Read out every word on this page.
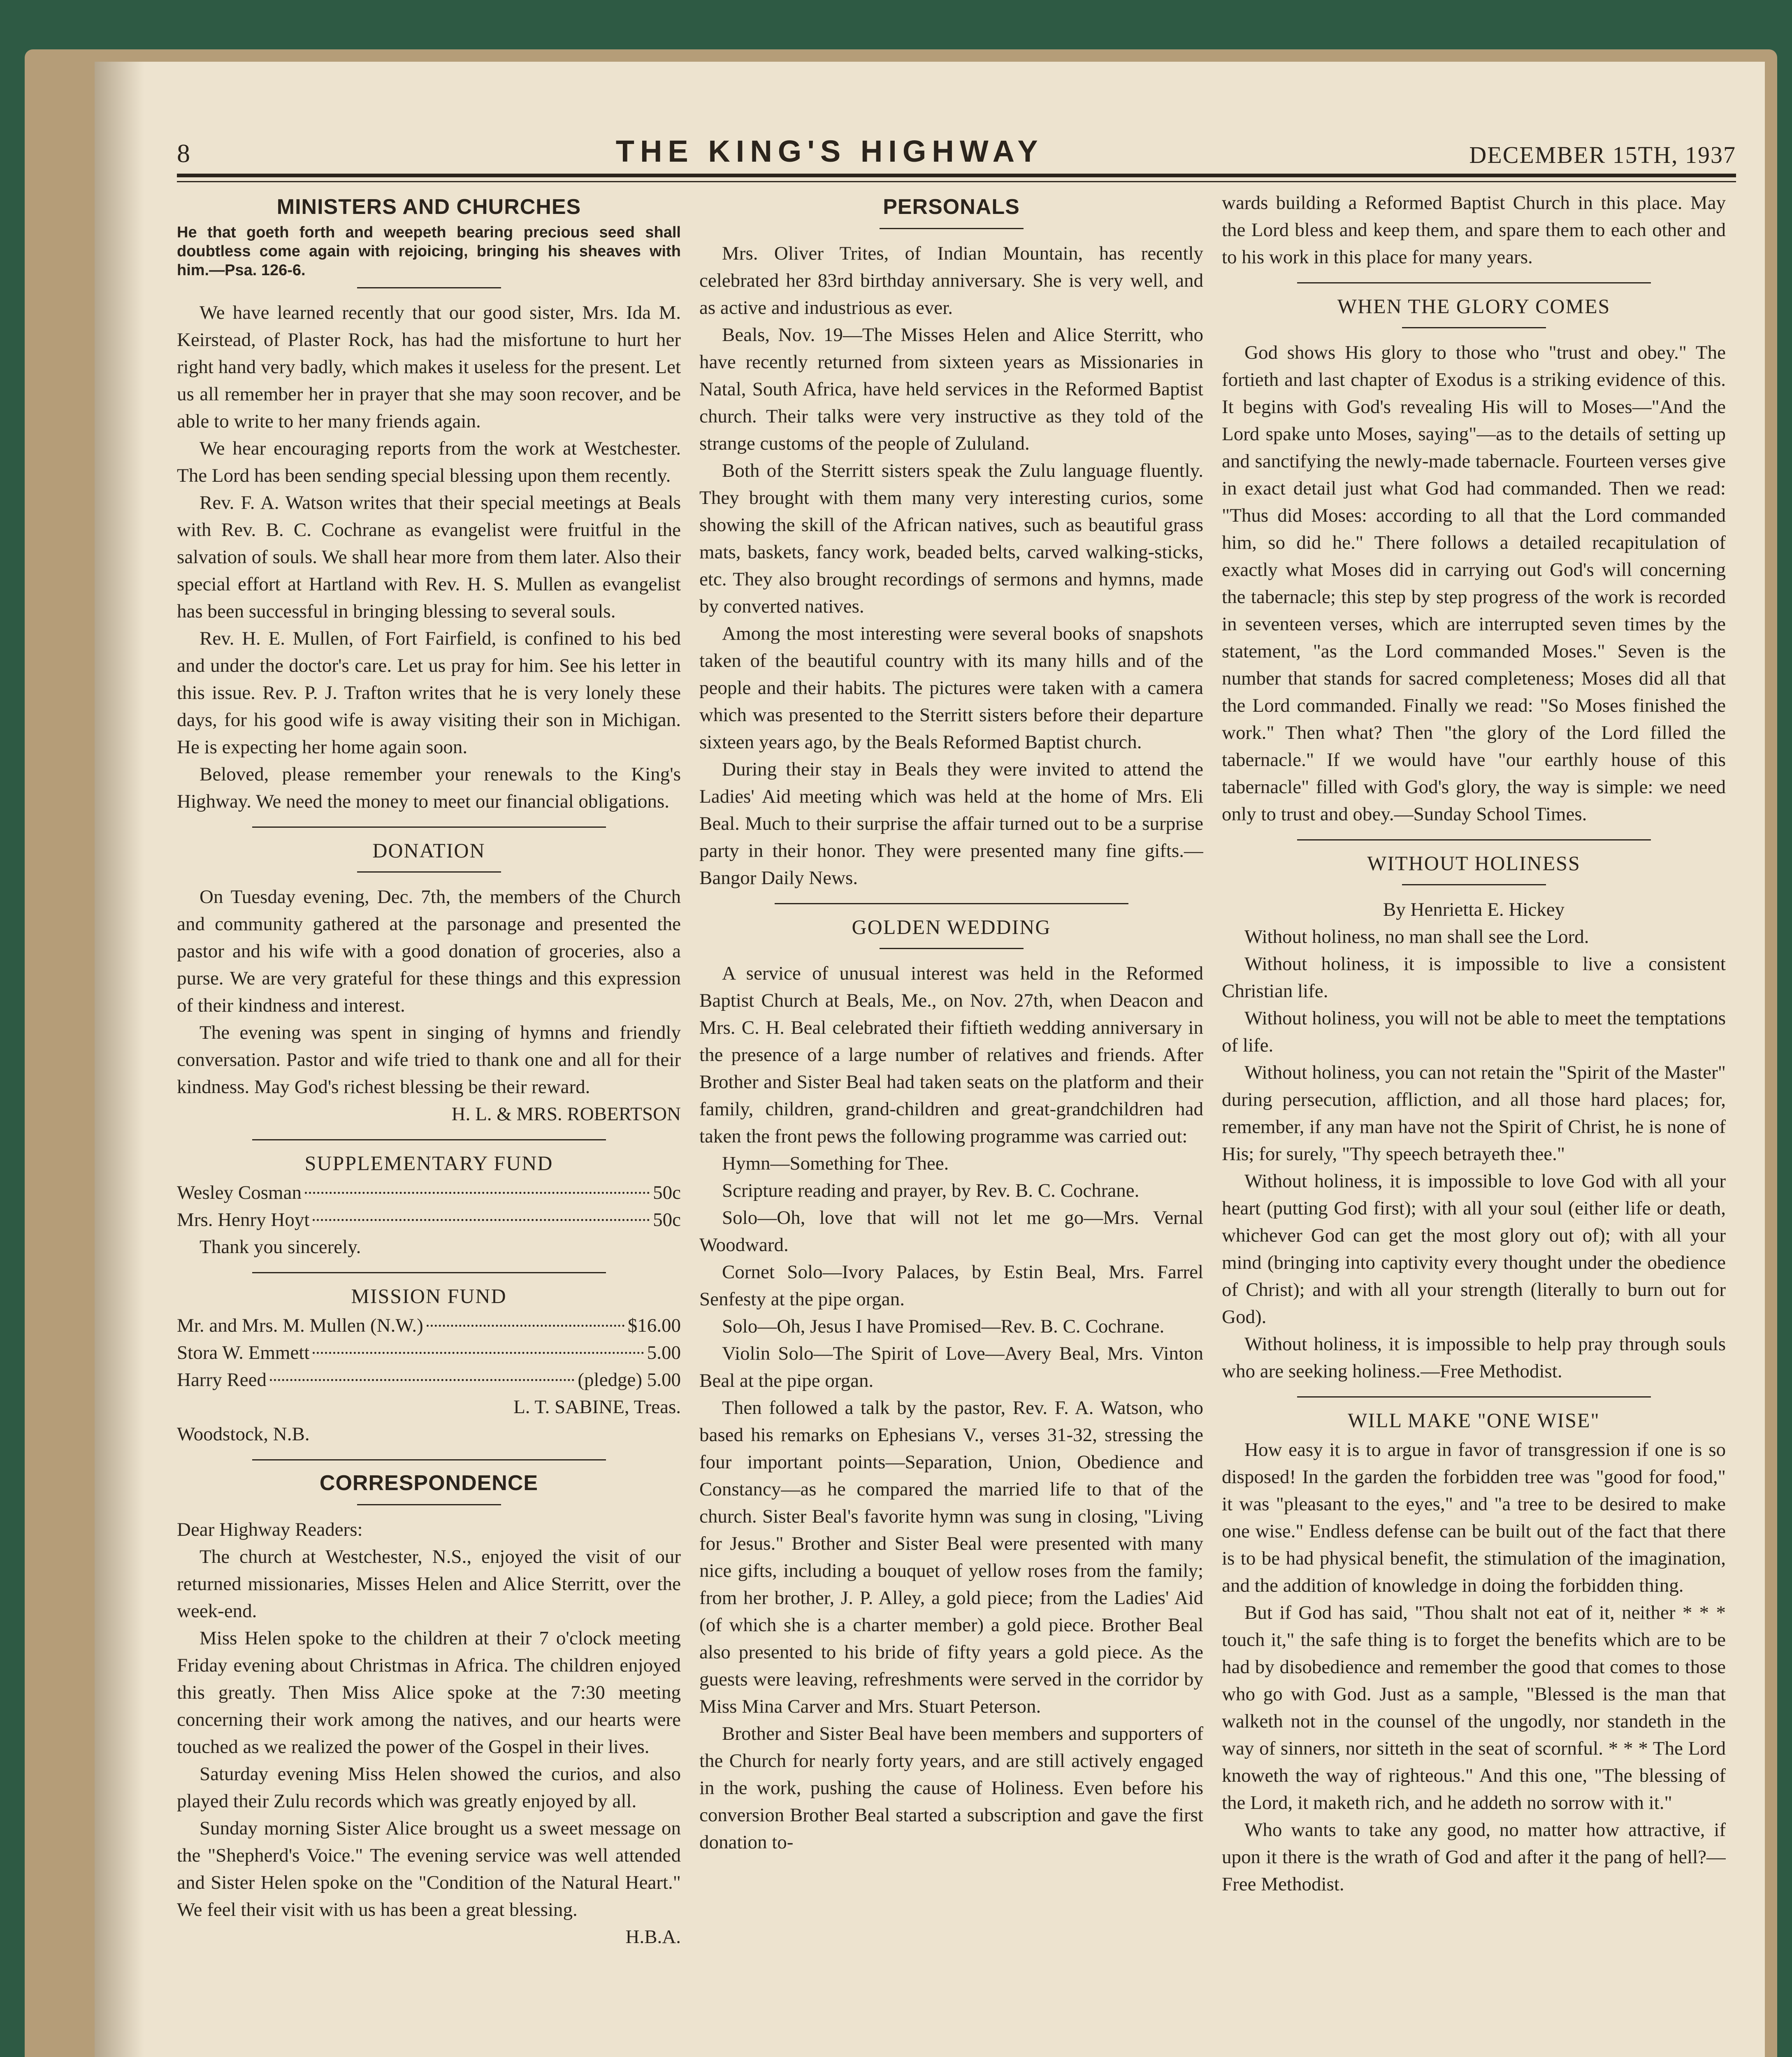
8	THE KING'S HIGHWAY	DECEMBER 15TH, 1937
MINISTERS AND CHURCHES
He that goeth forth and weepeth bearing precious seed shall doubtless come again with rejoicing, bringing his sheaves with him.—Psa. 126-6.

We have learned recently that our good sister, Mrs. Ida M. Keirstead, of Plaster Rock, has had the misfortune to hurt her right hand very badly, which makes it useless for the present. Let us all remember her in prayer that she may soon recover, and be able to write to her many friends again.

We hear encouraging reports from the work at Westchester. The Lord has been sending special blessing upon them recently.

Rev. F. A. Watson writes that their special meetings at Beals with Rev. B. C. Cochrane as evangelist were fruitful in the salvation of souls. We shall hear more from them later. Also their special effort at Hartland with Rev. H. S. Mullen as evangelist has been successful in bringing blessing to several souls.

Rev. H. E. Mullen, of Fort Fairfield, is confined to his bed and under the doctor's care. Let us pray for him. See his letter in this issue. Rev. P. J. Trafton writes that he is very lonely these days, for his good wife is away visiting their son in Michigan. He is expecting her home again soon.

Beloved, please remember your renewals to the King's Highway. We need the money to meet our financial obligations.

DONATION

On Tuesday evening, Dec. 7th, the members of the Church and community gathered at the parsonage and presented the pastor and his wife with a good donation of groceries, also a purse. We are very grateful for these things and this expression of their kindness and interest.

The evening was spent in singing of hymns and friendly conversation. Pastor and wife tried to thank one and all for their kindness. May God's richest blessing be their reward.

H. L. & MRS. ROBERTSON

SUPPLEMENTARY FUND
Wesley Cosman	50c
Mrs. Henry Hoyt	50c

Thank you sincerely.

MISSION FUND
Mr. and Mrs. M. Mullen (N.W.)	$16.00
Stora W. Emmett	5.00
Harry Reed	(pledge) 5.00

L. T. SABINE, Treas.

Woodstock, N.B.

CORRESPONDENCE

Dear Highway Readers:

The church at Westchester, N.S., enjoyed the visit of our returned missionaries, Misses Helen and Alice Sterritt, over the week-end.

Miss Helen spoke to the children at their 7 o'clock meeting Friday evening about Christmas in Africa. The children enjoyed this greatly. Then Miss Alice spoke at the 7:30 meeting concerning their work among the natives, and our hearts were touched as we realized the power of the Gospel in their lives.

Saturday evening Miss Helen showed the curios, and also played their Zulu records which was greatly enjoyed by all.

Sunday morning Sister Alice brought us a sweet message on the "Shepherd's Voice." The evening service was well attended and Sister Helen spoke on the "Condition of the Natural Heart." We feel their visit with us has been a great blessing.

H.B.A.

PERSONALS

Mrs. Oliver Trites, of Indian Mountain, has recently celebrated her 83rd birthday anniversary. She is very well, and as active and industrious as ever.

Beals, Nov. 19—The Misses Helen and Alice Sterritt, who have recently returned from sixteen years as Missionaries in Natal, South Africa, have held services in the Reformed Baptist church. Their talks were very instructive as they told of the strange customs of the people of Zululand.

Both of the Sterritt sisters speak the Zulu language fluently. They brought with them many very interesting curios, some showing the skill of the African natives, such as beautiful grass mats, baskets, fancy work, beaded belts, carved walking-sticks, etc. They also brought recordings of sermons and hymns, made by converted natives.

Among the most interesting were several books of snapshots taken of the beautiful country with its many hills and of the people and their habits. The pictures were taken with a camera which was presented to the Sterritt sisters before their departure sixteen years ago, by the Beals Reformed Baptist church.

During their stay in Beals they were invited to attend the Ladies' Aid meeting which was held at the home of Mrs. Eli Beal. Much to their surprise the affair turned out to be a surprise party in their honor. They were presented many fine gifts.—Bangor Daily News.

GOLDEN WEDDING

A service of unusual interest was held in the Reformed Baptist Church at Beals, Me., on Nov. 27th, when Deacon and Mrs. C. H. Beal celebrated their fiftieth wedding anniversary in the presence of a large number of relatives and friends. After Brother and Sister Beal had taken seats on the platform and their family, children, grand-children and great-grandchildren had taken the front pews the following programme was carried out:

Hymn—Something for Thee.

Scripture reading and prayer, by Rev. B. C. Cochrane.

Solo—Oh, love that will not let me go—Mrs. Vernal Woodward.

Cornet Solo—Ivory Palaces, by Estin Beal, Mrs. Farrel Senfesty at the pipe organ.

Solo—Oh, Jesus I have Promised—Rev. B. C. Cochrane.

Violin Solo—The Spirit of Love—Avery Beal, Mrs. Vinton Beal at the pipe organ.

Then followed a talk by the pastor, Rev. F. A. Watson, who based his remarks on Ephesians V., verses 31-32, stressing the four important points—Separation, Union, Obedience and Constancy—as he compared the married life to that of the church. Sister Beal's favorite hymn was sung in closing, "Living for Jesus." Brother and Sister Beal were presented with many nice gifts, including a bouquet of yellow roses from the family; from her brother, J. P. Alley, a gold piece; from the Ladies' Aid (of which she is a charter member) a gold piece. Brother Beal also presented to his bride of fifty years a gold piece. As the guests were leaving, refreshments were served in the corridor by Miss Mina Carver and Mrs. Stuart Peterson.

Brother and Sister Beal have been members and supporters of the Church for nearly forty years, and are still actively engaged in the work, pushing the cause of Holiness. Even before his conversion Brother Beal started a subscription and gave the first donation to-

wards building a Reformed Baptist Church in this place. May the Lord bless and keep them, and spare them to each other and to his work in this place for many years.

WHEN THE GLORY COMES

God shows His glory to those who "trust and obey." The fortieth and last chapter of Exodus is a striking evidence of this. It begins with God's revealing His will to Moses—"And the Lord spake unto Moses, saying"—as to the details of setting up and sanctifying the newly-made tabernacle. Fourteen verses give in exact detail just what God had commanded. Then we read: "Thus did Moses: according to all that the Lord commanded him, so did he." There follows a detailed recapitulation of exactly what Moses did in carrying out God's will concerning the tabernacle; this step by step progress of the work is recorded in seventeen verses, which are interrupted seven times by the statement, "as the Lord commanded Moses." Seven is the number that stands for sacred completeness; Moses did all that the Lord commanded. Finally we read: "So Moses finished the work." Then what? Then "the glory of the Lord filled the tabernacle." If we would have "our earthly house of this tabernacle" filled with God's glory, the way is simple: we need only to trust and obey.—Sunday School Times.

WITHOUT HOLINESS

By Henrietta E. Hickey

Without holiness, no man shall see the Lord.

Without holiness, it is impossible to live a consistent Christian life.

Without holiness, you will not be able to meet the temptations of life.

Without holiness, you can not retain the "Spirit of the Master" during persecution, affliction, and all those hard places; for, remember, if any man have not the Spirit of Christ, he is none of His; for surely, "Thy speech betrayeth thee."

Without holiness, it is impossible to love God with all your heart (putting God first); with all your soul (either life or death, whichever God can get the most glory out of); with all your mind (bringing into captivity every thought under the obedience of Christ); and with all your strength (literally to burn out for God).

Without holiness, it is impossible to help pray through souls who are seeking holiness.—Free Methodist.

WILL MAKE "ONE WISE"

How easy it is to argue in favor of transgression if one is so disposed! In the garden the forbidden tree was "good for food," it was "pleasant to the eyes," and "a tree to be desired to make one wise." Endless defense can be built out of the fact that there is to be had physical benefit, the stimulation of the imagination, and the addition of knowledge in doing the forbidden thing.

But if God has said, "Thou shalt not eat of it, neither * * * touch it," the safe thing is to forget the benefits which are to be had by disobedience and remember the good that comes to those who go with God. Just as a sample, "Blessed is the man that walketh not in the counsel of the ungodly, nor standeth in the way of sinners, nor sitteth in the seat of scornful. * * * The Lord knoweth the way of righteous." And this one, "The blessing of the Lord, it maketh rich, and he addeth no sorrow with it."

Who wants to take any good, no matter how attractive, if upon it there is the wrath of God and after it the pang of hell?—Free Methodist.
